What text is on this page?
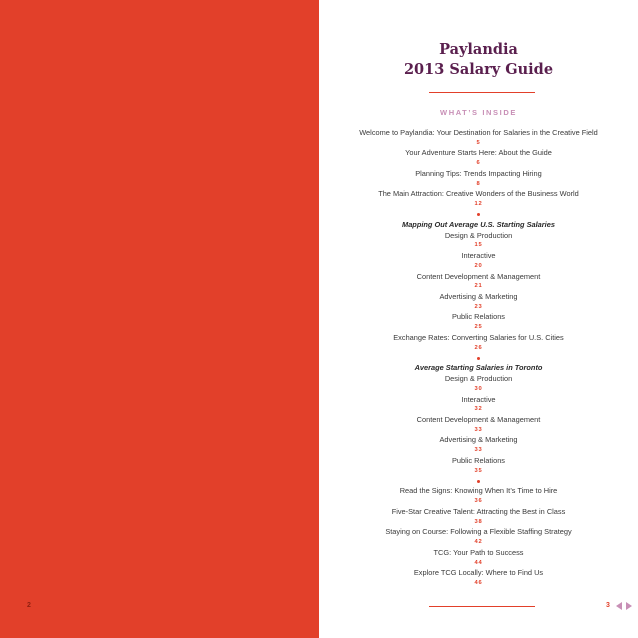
2
Paylandia
2013 Salary Guide
WHAT’S INSIDE
Welcome to Paylandia: Your Destination for Salaries in the Creative Field
5
Your Adventure Starts Here: About the Guide
6
Planning Tips: Trends Impacting Hiring
8
The Main Attraction: Creative Wonders of the Business World
12
Mapping Out Average U.S. Starting Salaries
Design & Production
15
Interactive
20
Content Development & Management
21
Advertising & Marketing
23
Public Relations
25
Exchange Rates: Converting Salaries for U.S. Cities
26
Average Starting Salaries in Toronto
Design & Production
30
Interactive
32
Content Development & Management
33
Advertising & Marketing
33
Public Relations
35
Read the Signs: Knowing When It’s Time to Hire
36
Five-Star Creative Talent: Attracting the Best in Class
38
Staying on Course: Following a Flexible Staffing Strategy
42
TCG: Your Path to Success
44
Explore TCG Locally: Where to Find Us
46
3
